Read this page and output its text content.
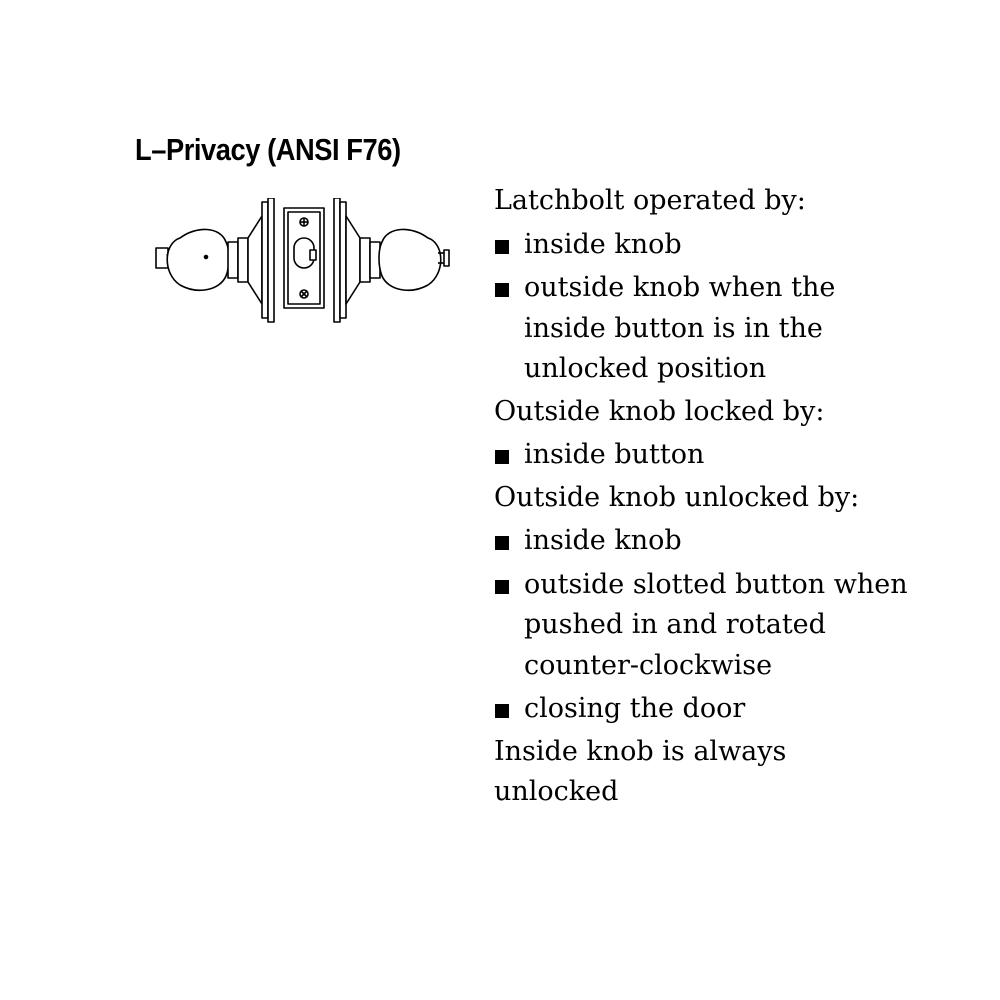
L–Privacy (ANSI F76)

Latchbolt operated by:

inside knob
outside knob when the inside button is in the unlocked position

Outside knob locked by:

inside button

Outside knob unlocked by:

inside knob
outside slotted button when pushed in and rotated counter-clockwise
closing the door

Inside knob is always unlocked
